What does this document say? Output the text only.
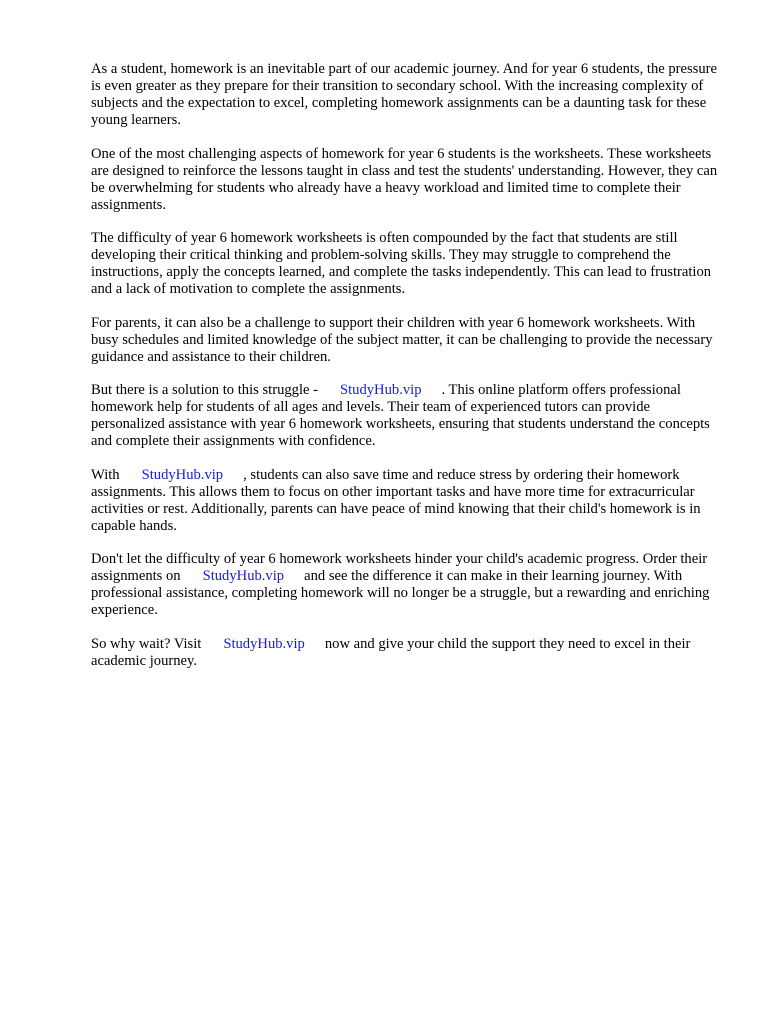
As a student, homework is an inevitable part of our academic journey. And for year 6 students, the pressure is even greater as they prepare for their transition to secondary school. With the increasing complexity of subjects and the expectation to excel, completing homework assignments can be a daunting task for these young learners.

One of the most challenging aspects of homework for year 6 students is the worksheets. These worksheets are designed to reinforce the lessons taught in class and test the students' understanding. However, they can be overwhelming for students who already have a heavy workload and limited time to complete their assignments.

The difficulty of year 6 homework worksheets is often compounded by the fact that students are still developing their critical thinking and problem-solving skills. They may struggle to comprehend the instructions, apply the concepts learned, and complete the tasks independently. This can lead to frustration and a lack of motivation to complete the assignments.

For parents, it can also be a challenge to support their children with year 6 homework worksheets. With busy schedules and limited knowledge of the subject matter, it can be challenging to provide the necessary guidance and assistance to their children.

But there is a solution to this struggle - StudyHub.vip . This online platform offers professional homework help for students of all ages and levels. Their team of experienced tutors can provide personalized assistance with year 6 homework worksheets, ensuring that students understand the concepts and complete their assignments with confidence.

With StudyHub.vip , students can also save time and reduce stress by ordering their homework assignments. This allows them to focus on other important tasks and have more time for extracurricular activities or rest. Additionally, parents can have peace of mind knowing that their child's homework is in capable hands.

Don't let the difficulty of year 6 homework worksheets hinder your child's academic progress. Order their assignments on StudyHub.vip and see the difference it can make in their learning journey. With professional assistance, completing homework will no longer be a struggle, but a rewarding and enriching experience.

So why wait? Visit StudyHub.vip now and give your child the support they need to excel in their academic journey.
